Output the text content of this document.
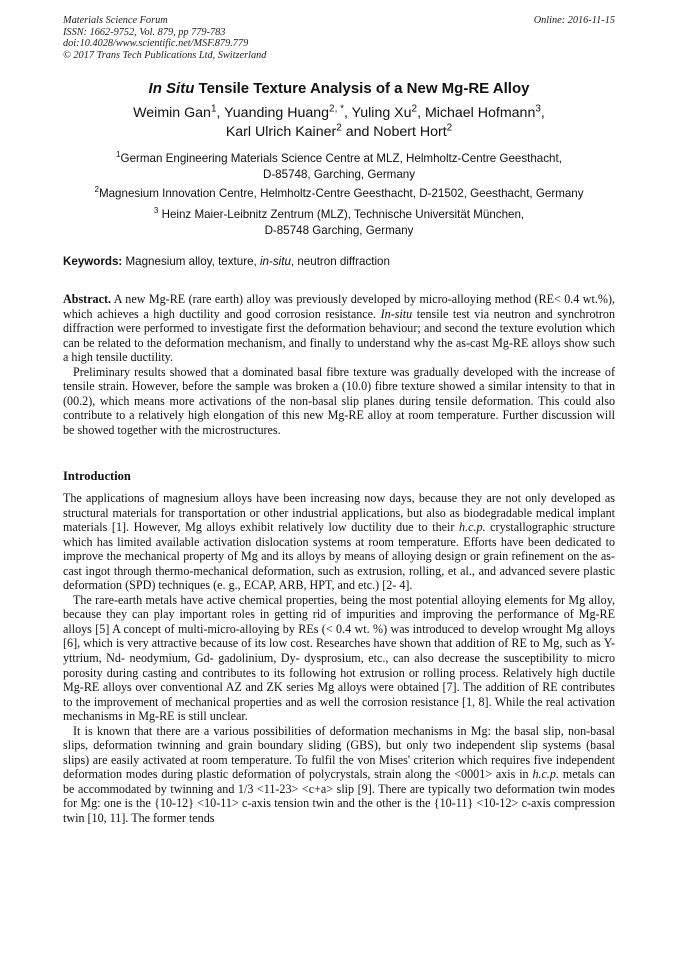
Materials Science Forum
ISSN: 1662-9752, Vol. 879, pp 779-783
doi:10.4028/www.scientific.net/MSF.879.779
© 2017 Trans Tech Publications Ltd, Switzerland
Online: 2016-11-15
In Situ Tensile Texture Analysis of a New Mg-RE Alloy
Weimin Gan$^1$, Yuanding Huang$^{2, *}$, Yuling Xu$^2$, Michael Hofmann$^3$,
Karl Ulrich Kainer$^2$ and Nobert Hort$^2$
$^1$German Engineering Materials Science Centre at MLZ, Helmholtz-Centre Geesthacht,
D-85748, Garching, Germany
$^2$Magnesium Innovation Centre, Helmholtz-Centre Geesthacht, D-21502, Geesthacht, Germany
$^3$ Heinz Maier-Leibnitz Zentrum (MLZ), Technische Universität München,
D-85748 Garching, Germany
Keywords: Magnesium alloy, texture, in-situ, neutron diffraction

Abstract. A new Mg-RE (rare earth) alloy was previously developed by micro-alloying method (RE< 0.4 wt.%), which achieves a high ductility and good corrosion resistance. In-situ tensile test via neutron and synchrotron diffraction were performed to investigate first the deformation behaviour; and second the texture evolution which can be related to the deformation mechanism, and finally to understand why the as-cast Mg-RE alloys show such a high tensile ductility.

Preliminary results showed that a dominated basal fibre texture was gradually developed with the increase of tensile strain. However, before the sample was broken a (10.0) fibre texture showed a similar intensity to that in (00.2), which means more activations of the non-basal slip planes during tensile deformation. This could also contribute to a relatively high elongation of this new Mg-RE alloy at room temperature. Further discussion will be showed together with the microstructures.

Introduction

The applications of magnesium alloys have been increasing now days, because they are not only developed as structural materials for transportation or other industrial applications, but also as biodegradable medical implant materials [1]. However, Mg alloys exhibit relatively low ductility due to their h.c.p. crystallographic structure which has limited available activation dislocation systems at room temperature. Efforts have been dedicated to improve the mechanical property of Mg and its alloys by means of alloying design or grain refinement on the as-cast ingot through thermo-mechanical deformation, such as extrusion, rolling, et al., and advanced severe plastic deformation (SPD) techniques (e. g., ECAP, ARB, HPT, and etc.) [2- 4].

The rare-earth metals have active chemical properties, being the most potential alloying elements for Mg alloy, because they can play important roles in getting rid of impurities and improving the performance of Mg-RE alloys [5] A concept of multi-micro-alloying by REs (< 0.4 wt. %) was introduced to develop wrought Mg alloys [6], which is very attractive because of its low cost. Researches have shown that addition of RE to Mg, such as Y- yttrium, Nd- neodymium, Gd- gadolinium, Dy- dysprosium, etc., can also decrease the susceptibility to micro porosity during casting and contributes to its following hot extrusion or rolling process. Relatively high ductile Mg-RE alloys over conventional AZ and ZK series Mg alloys were obtained [7]. The addition of RE contributes to the improvement of mechanical properties and as well the corrosion resistance [1, 8]. While the real activation mechanisms in Mg-RE is still unclear.

It is known that there are a various possibilities of deformation mechanisms in Mg: the basal slip, non-basal slips, deformation twinning and grain boundary sliding (GBS), but only two independent slip systems (basal slips) are easily activated at room temperature. To fulfil the von Mises' criterion which requires five independent deformation modes during plastic deformation of polycrystals, strain along the <0001> axis in h.c.p. metals can be accommodated by twinning and 1/3 <11-23> <c+a> slip [9]. There are typically two deformation twin modes for Mg: one is the {10-12} <10-11> c-axis tension twin and the other is the {10-11} <10-12> c-axis compression twin [10, 11]. The former tends
